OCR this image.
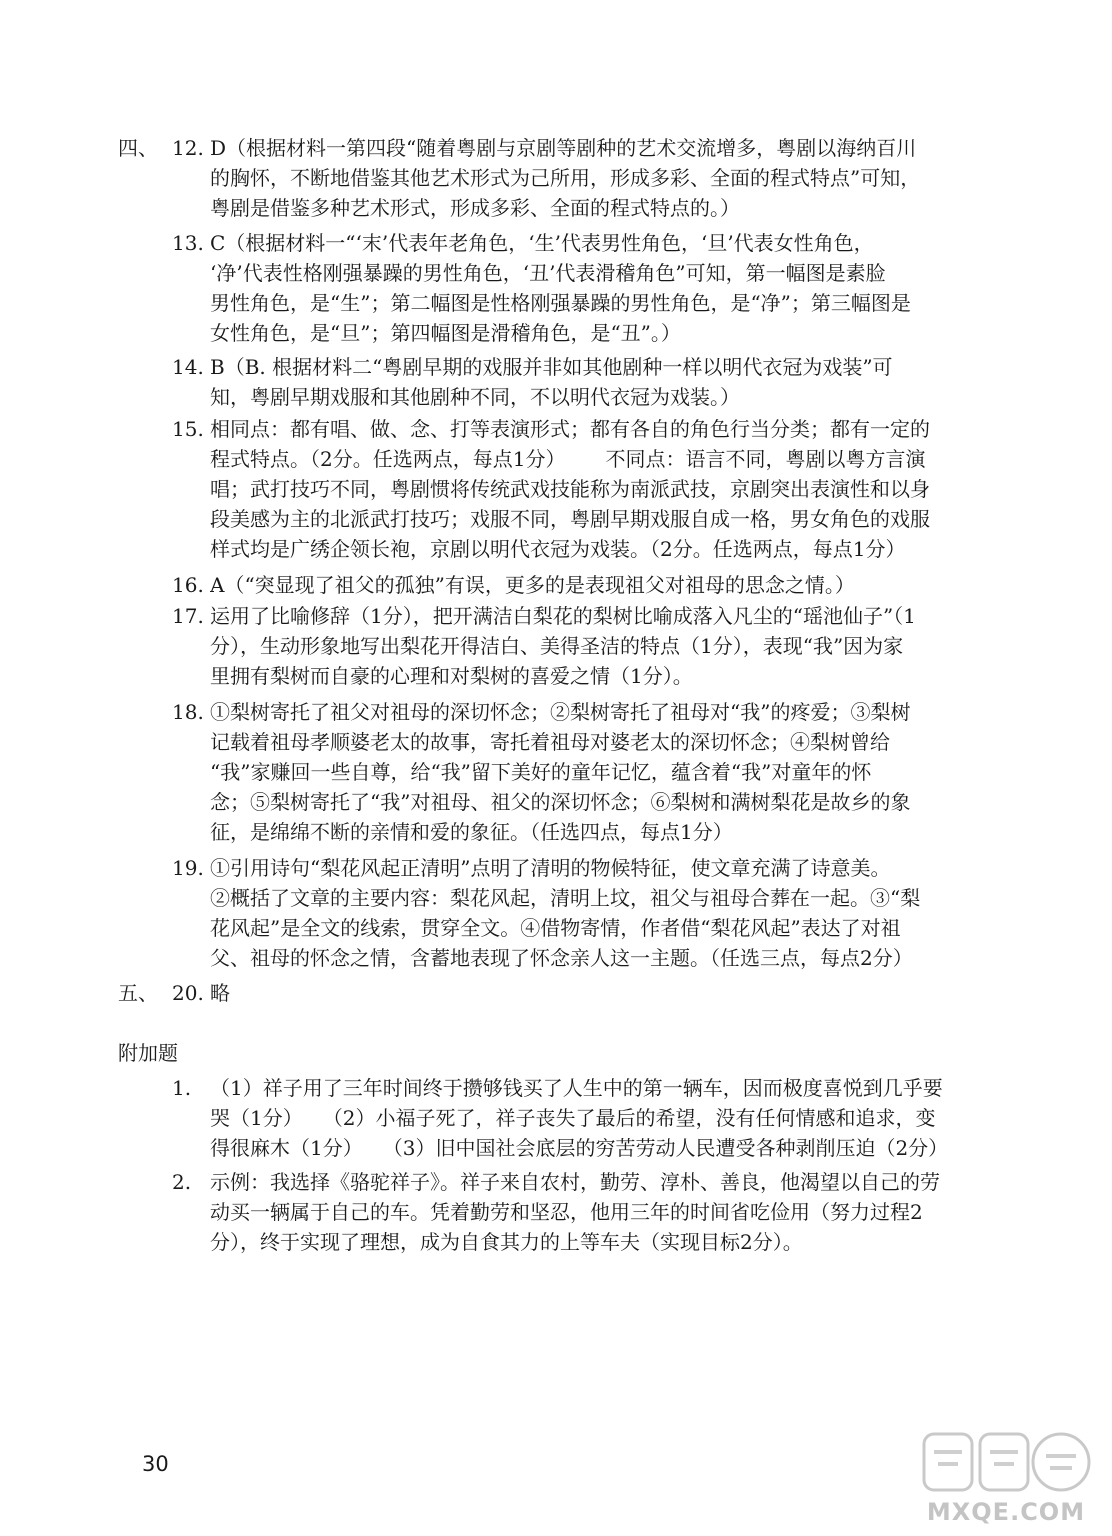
四、 12. D（根据材料一第四段“随着粤剧与京剧等剧种的艺术交流增多，粤剧以海纳百川
的胸怀，不断地借鉴其他艺术形式为己所用，形成多彩、全面的程式特点”可知，
粤剧是借鉴多种艺术形式，形成多彩、全面的程式特点的。）
13. C（根据材料一“‘末’代表年老角色，‘生’代表男性角色，‘旦’代表女性角色，
‘净’代表性格刚强暴躁的男性角色，‘丑’代表滑稽角色”可知，第一幅图是素脸
男性角色，是“生”；第二幅图是性格刚强暴躁的男性角色，是“净”；第三幅图是
女性角色，是“旦”；第四幅图是滑稽角色，是“丑”。）
14. B（B. 根据材料二“粤剧早期的戏服并非如其他剧种一样以明代衣冠为戏装”可
知，粤剧早期戏服和其他剧种不同，不以明代衣冠为戏装。）
15. 相同点：都有唱、做、念、打等表演形式；都有各自的角色行当分类；都有一定的
程式特点。（2分。任选两点，每点1分） 不同点：语言不同，粤剧以粤方言演
唱；武打技巧不同，粤剧惯将传统武戏技能称为南派武技，京剧突出表演性和以身
段美感为主的北派武打技巧；戏服不同，粤剧早期戏服自成一格，男女角色的戏服
样式均是广绣企领长袍，京剧以明代衣冠为戏装。（2分。任选两点，每点1分）
16. A（“突显现了祖父的孤独”有误，更多的是表现祖父对祖母的思念之情。）
17. 运用了比喻修辞（1分），把开满洁白梨花的梨树比喻成落入凡尘的“瑶池仙子”（1
分），生动形象地写出梨花开得洁白、美得圣洁的特点（1分），表现“我”因为家
里拥有梨树而自豪的心理和对梨树的喜爱之情（1分）。
18. ①梨树寄托了祖父对祖母的深切怀念；②梨树寄托了祖母对“我”的疼爱；③梨树
记载着祖母孝顺婆老太的故事，寄托着祖母对婆老太的深切怀念；④梨树曾给
“我”家赚回一些自尊，给“我”留下美好的童年记忆，蕴含着“我”对童年的怀
念；⑤梨树寄托了“我”对祖母、祖父的深切怀念；⑥梨树和满树梨花是故乡的象
征，是绵绵不断的亲情和爱的象征。（任选四点，每点1分）
19. ①引用诗句“梨花风起正清明”点明了清明的物候特征，使文章充满了诗意美。
②概括了文章的主要内容：梨花风起，清明上坟，祖父与祖母合葬在一起。③“梨
花风起”是全文的线索，贯穿全文。④借物寄情，作者借“梨花风起”表达了对祖
父、祖母的怀念之情，含蓄地表现了怀念亲人这一主题。（任选三点，每点2分）
五、 20. 略
附加题
1. （1）祥子用了三年时间终于攒够钱买了人生中的第一辆车，因而极度喜悦到几乎要
哭（1分）　　（2）小福子死了，祥子丧失了最后的希望，没有任何情感和追求，变
得很麻木（1分）　　（3）旧中国社会底层的穷苦劳动人民遭受各种剥削压迫（2分）
2. 示例：我选择《骆驼祥子》。祥子来自农村，勤劳、淳朴、善良，他渴望以自己的劳
动买一辆属于自己的车。凭着勤劳和坚忍，他用三年的时间省吃俭用（努力过程2
分），终于实现了理想，成为自食其力的上等车夫（实现目标2分）。
30
MXQE.COM
